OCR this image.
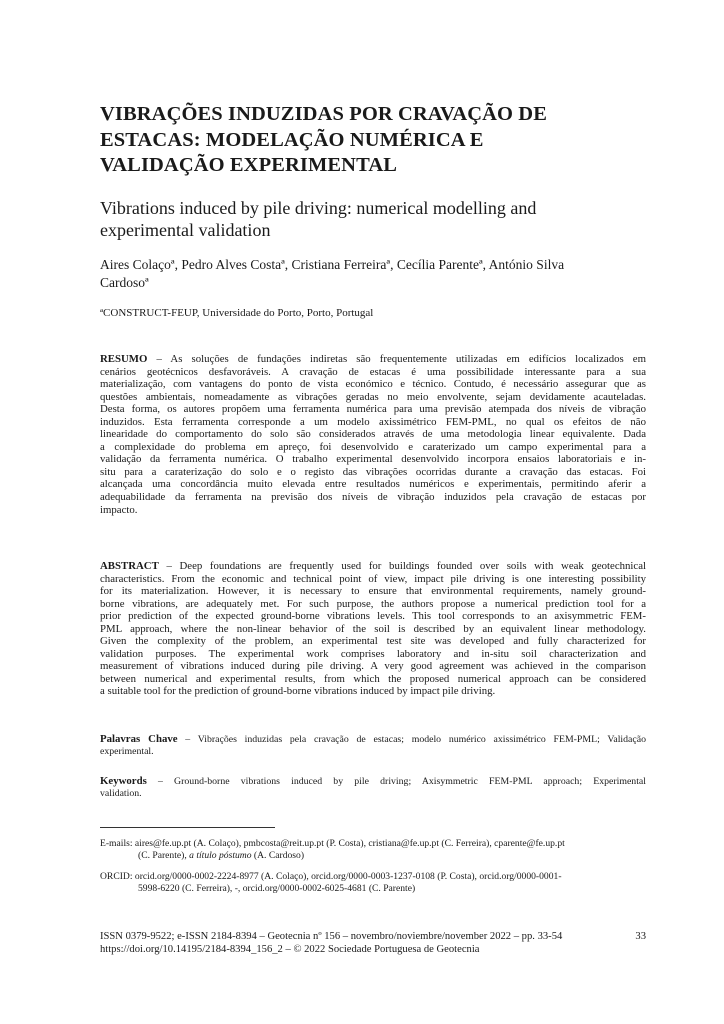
VIBRAÇÕES INDUZIDAS POR CRAVAÇÃO DE
ESTACAS: MODELAÇÃO NUMÉRICA E
VALIDAÇÃO EXPERIMENTAL
Vibrations induced by pile driving: numerical modelling and
experimental validation
Aires Colaçoª, Pedro Alves Costaª, Cristiana Ferreiraª, Cecília Parenteª, António Silva
Cardosoª
ªCONSTRUCT-FEUP, Universidade do Porto, Porto, Portugal
RESUMO – As soluções de fundações indiretas são frequentemente utilizadas em edifícios localizados em
cenários geotécnicos desfavoráveis. A cravação de estacas é uma possibilidade interessante para a sua
materialização, com vantagens do ponto de vista económico e técnico. Contudo, é necessário assegurar que as
questões ambientais, nomeadamente as vibrações geradas no meio envolvente, sejam devidamente acauteladas.
Desta forma, os autores propõem uma ferramenta numérica para uma previsão atempada dos níveis de vibração
induzidos. Esta ferramenta corresponde a um modelo axissimétrico FEM-PML, no qual os efeitos de não
linearidade do comportamento do solo são considerados através de uma metodologia linear equivalente. Dada
a complexidade do problema em apreço, foi desenvolvido e caraterizado um campo experimental para a
validação da ferramenta numérica. O trabalho experimental desenvolvido incorpora ensaios laboratoriais e in-
situ para a caraterização do solo e o registo das vibrações ocorridas durante a cravação das estacas. Foi
alcançada uma concordância muito elevada entre resultados numéricos e experimentais, permitindo aferir a
adequabilidade da ferramenta na previsão dos níveis de vibração induzidos pela cravação de estacas por
impacto.
ABSTRACT – Deep foundations are frequently used for buildings founded over soils with weak geotechnical
characteristics. From the economic and technical point of view, impact pile driving is one interesting possibility
for its materialization. However, it is necessary to ensure that environmental requirements, namely ground-
borne vibrations, are adequately met. For such purpose, the authors propose a numerical prediction tool for a
prior prediction of the expected ground-borne vibrations levels. This tool corresponds to an axisymmetric FEM-
PML approach, where the non-linear behavior of the soil is described by an equivalent linear methodology.
Given the complexity of the problem, an experimental test site was developed and fully characterized for
validation purposes. The experimental work comprises laboratory and in-situ soil characterization and
measurement of vibrations induced during pile driving. A very good agreement was achieved in the comparison
between numerical and experimental results, from which the proposed numerical approach can be considered
a suitable tool for the prediction of ground-borne vibrations induced by impact pile driving.
Palavras Chave – Vibrações induzidas pela cravação de estacas; modelo numérico axissimétrico FEM-PML; Validação
experimental.
Keywords – Ground-borne vibrations induced by pile driving; Axisymmetric FEM-PML approach; Experimental
validation.
E-mails: aires@fe.up.pt (A. Colaço), pmbcosta@reit.up.pt (P. Costa), cristiana@fe.up.pt (C. Ferreira), cparente@fe.up.pt
(C. Parente), a título póstumo (A. Cardoso)
ORCID: orcid.org/0000-0002-2224-8977 (A. Colaço), orcid.org/0000-0003-1237-0108 (P. Costa), orcid.org/0000-0001-
5998-6220 (C. Ferreira), -, orcid.org/0000-0002-6025-4681 (C. Parente)
ISSN 0379-9522; e-ISSN 2184-8394 – Geotecnia nº 156 – novembro/noviembre/november 2022 – pp. 33-54
https://doi.org/10.14195/2184-8394_156_2 – © 2022 Sociedade Portuguesa de Geotecnia
33
